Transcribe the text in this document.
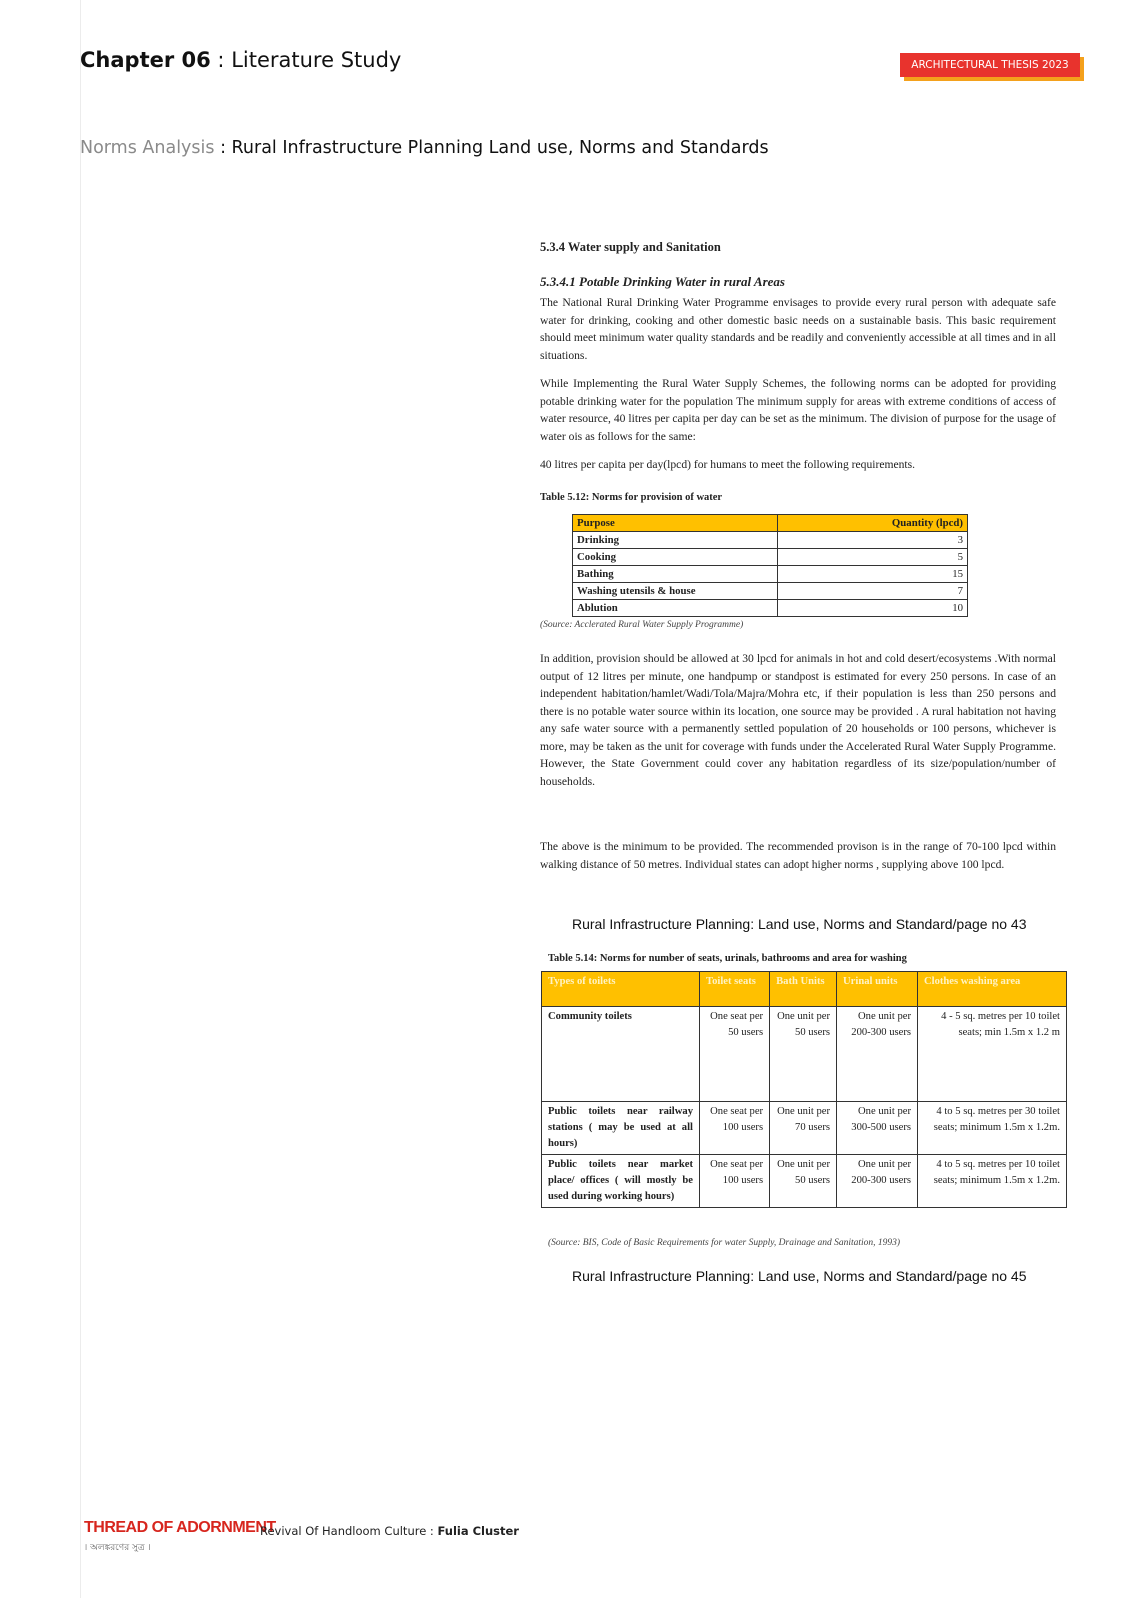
Chapter 06 : Literature Study	ARCHITECTURAL THESIS 2023
Norms Analysis : Rural Infrastructure Planning Land use, Norms and Standards
5.3.4 Water supply and Sanitation
5.3.4.1 Potable Drinking Water in rural Areas
The National Rural Drinking Water Programme envisages to provide every rural person with adequate safe water for drinking, cooking and other domestic basic needs on a sustainable basis. This basic requirement should meet minimum water quality standards and be readily and conveniently accessible at all times and in all situations.
While Implementing the Rural Water Supply Schemes, the following norms can be adopted for providing potable drinking water for the population The minimum supply for areas with extreme conditions of access of water resource, 40 litres per capita per day can be set as the minimum. The division of purpose for the usage of water ois as follows for the same:
40 litres per capita per day(lpcd) for humans to meet the following requirements.
Table 5.12: Norms for provision of water
Purpose	Quantity (lpcd)
Drinking	3
Cooking	5
Bathing	15
Washing utensils & house	7
Ablution	10
(Source: Acclerated Rural Water Supply Programme)
In addition, provision should be allowed at 30 lpcd for animals in hot and cold desert/ecosystems .With normal output of 12 litres per minute, one handpump or standpost is estimated for every 250 persons. In case of an independent habitation/hamlet/Wadi/Tola/Majra/Mohra etc, if their population is less than 250 persons and there is no potable water source within its location, one source may be provided . A rural habitation not having any safe water source with a permanently settled population of 20 households or 100 persons, whichever is more, may be taken as the unit for coverage with funds under the Accelerated Rural Water Supply Programme. However, the State Government could cover any habitation regardless of its size/population/number of households.
The above is the minimum to be provided. The recommended provison is in the range of 70-100 lpcd within walking distance of 50 metres. Individual states can adopt higher norms , supplying above 100 lpcd.
Rural Infrastructure Planning: Land use, Norms and Standard/page no 43
Table 5.14: Norms for number of seats, urinals, bathrooms and area for washing
Types of toilets	Toilet seats	Bath Units	Urinal units	Clothes washing area
Community toilets	One seat per 50 users	One unit per 50 users	One unit per 200-300 users	4 - 5 sq. metres per 10 toilet seats; min 1.5m x 1.2 m
Public toilets near railway stations ( may be used at all hours)	One seat per 100 users	One unit per 70 users	One unit per 300-500 users	4 to 5 sq. metres per 30 toilet seats; minimum 1.5m x 1.2m.
Public toilets near market place/ offices ( will mostly be used during working hours)	One seat per 100 users	One unit per 50 users	One unit per 200-300 users	4 to 5 sq. metres per 10 toilet seats; minimum 1.5m x 1.2m.
(Source: BIS, Code of Basic Requirements for water Supply, Drainage and Sanitation, 1993)
Rural Infrastructure Planning: Land use, Norms and Standard/page no 45
THREAD OF ADORNMENT
। অলঙ্করণের সুত্র ।
Revival Of Handloom Culture : Fulia Cluster
